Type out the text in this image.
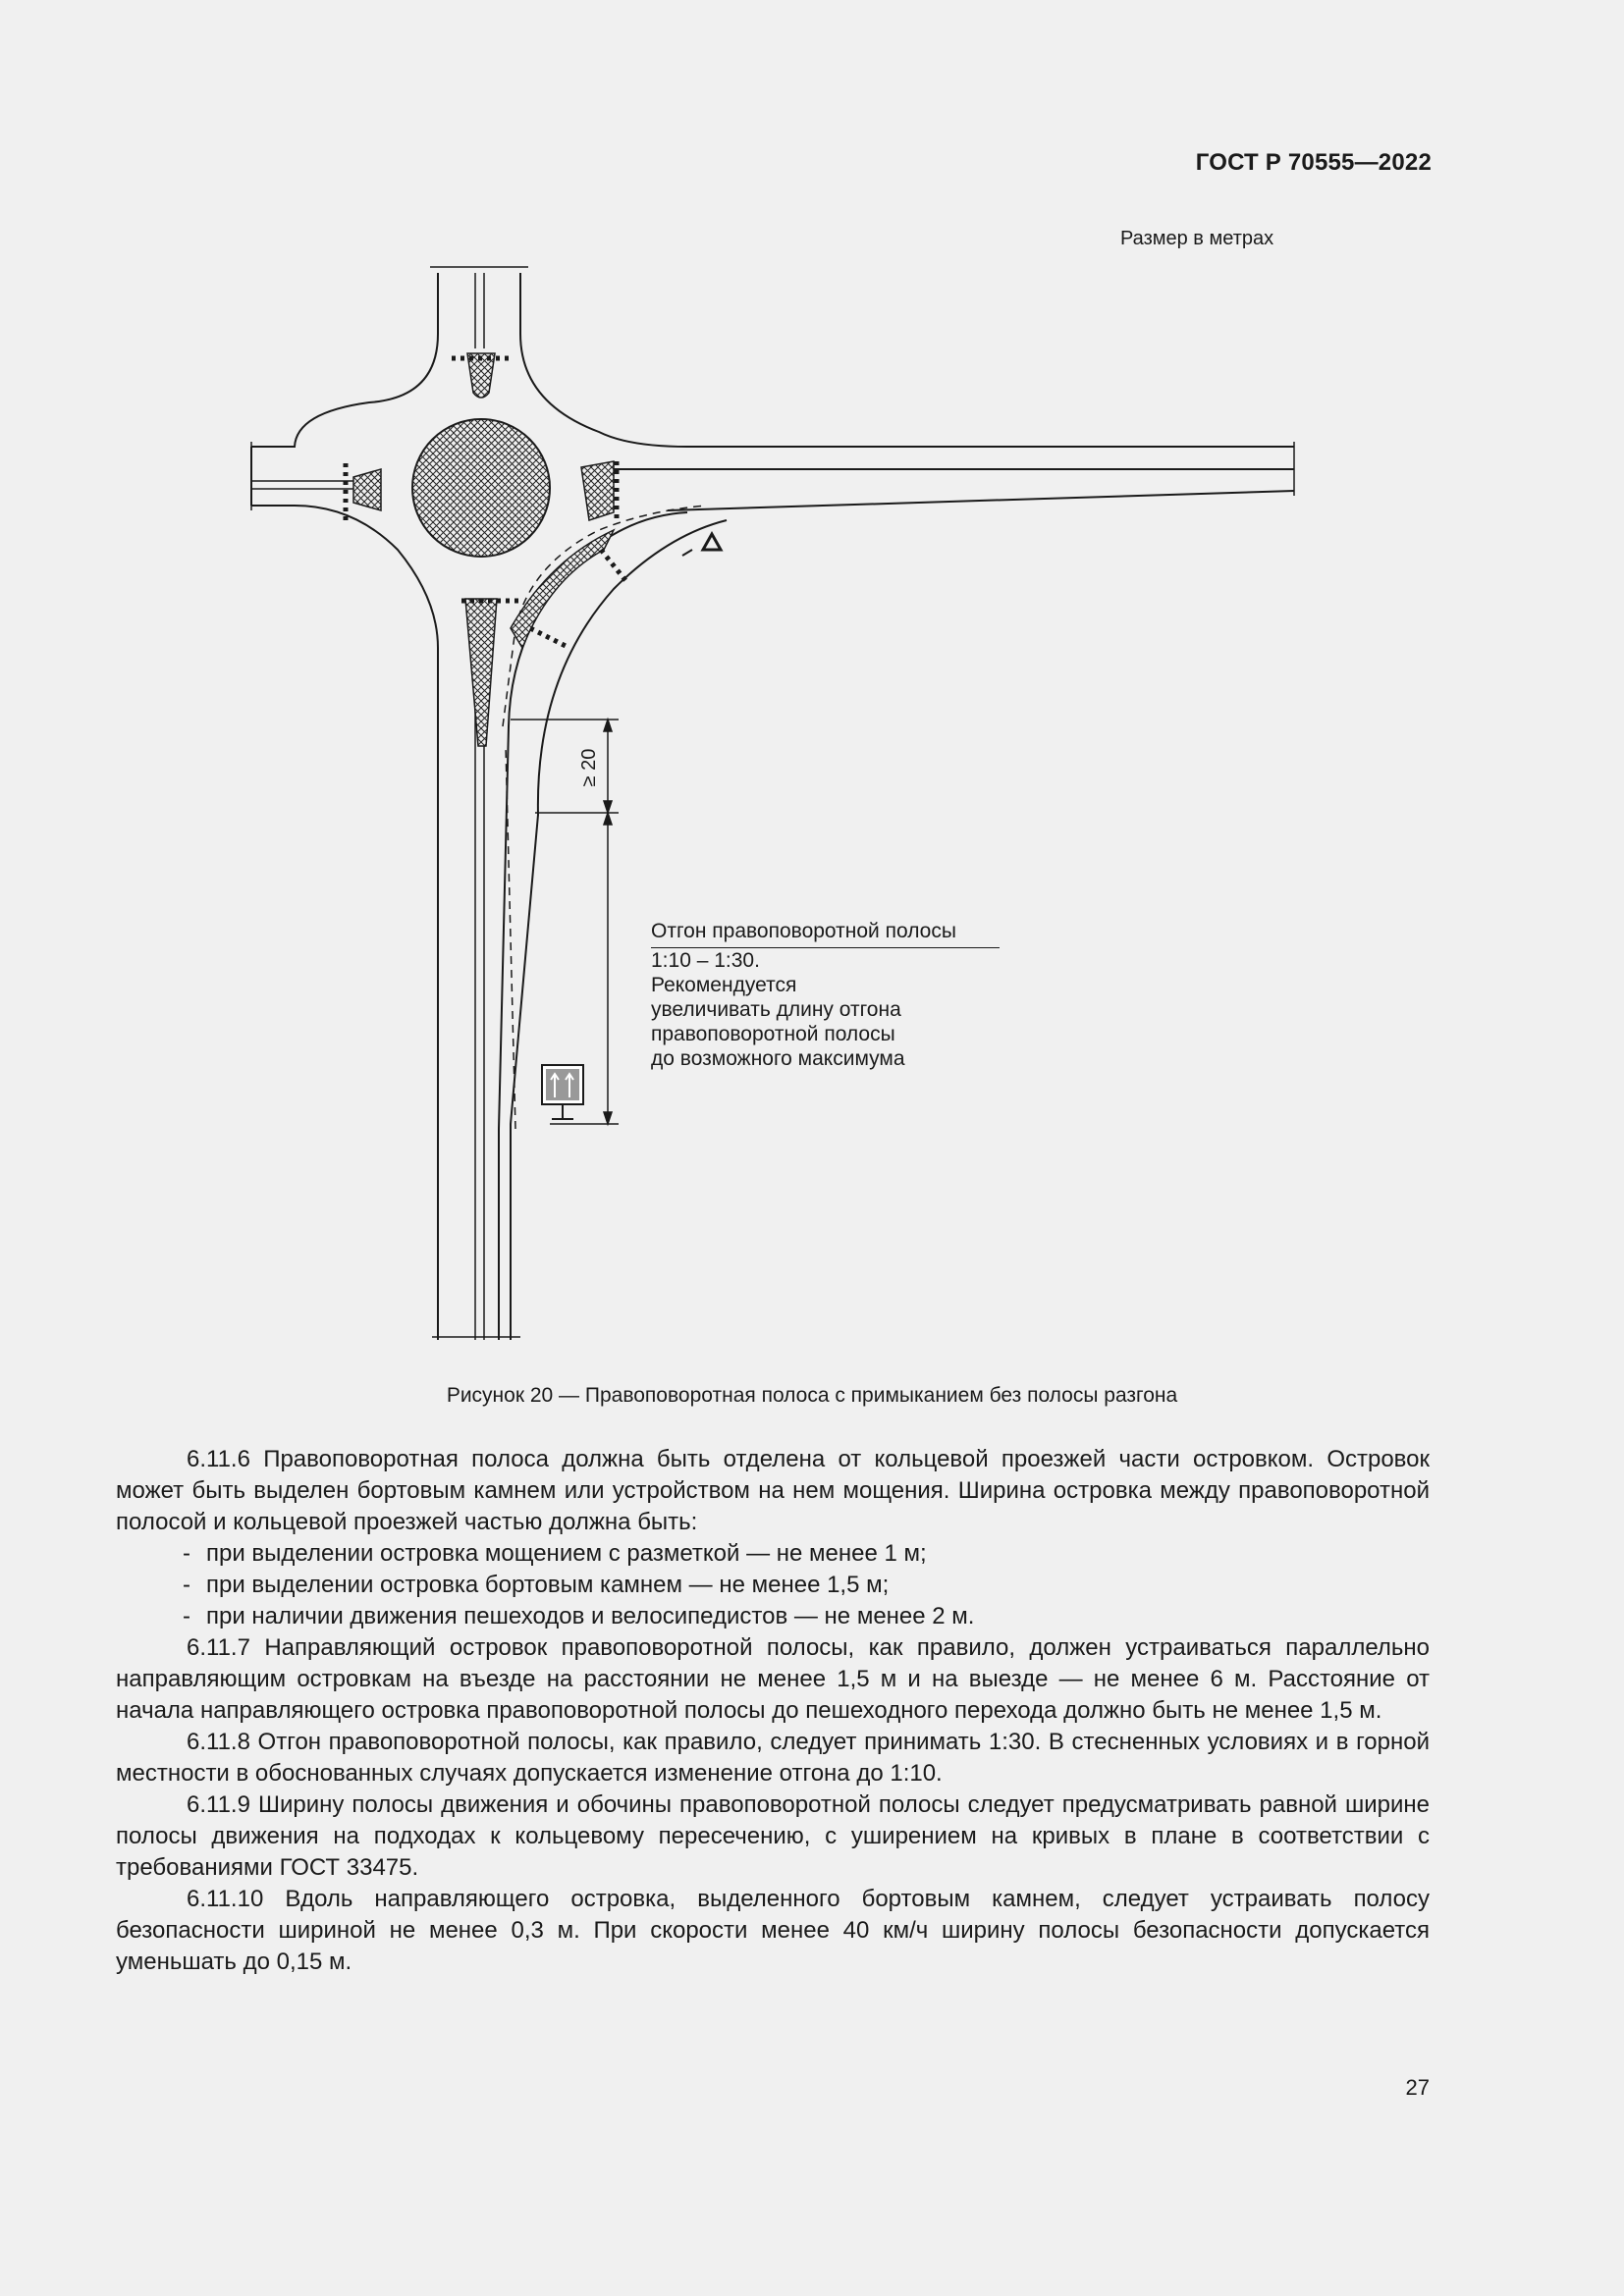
ГОСТ Р 70555—2022
Размер в метрах
≥ 20
Отгон правоповоротной полосы
1:10 – 1:30.
Рекомендуется
увеличивать длину отгона
правоповоротной полосы
до возможного максимума
Рисунок 20 — Правоповоротная полоса с примыканием без полосы разгона

6.11.6 Правоповоротная полоса должна быть отделена от кольцевой проезжей части островком. Островок может быть выделен бортовым камнем или устройством на нем мощения. Ширина островка между правоповоротной полосой и кольцевой проезжей частью должна быть:

- при выделении островка мощением с разметкой — не менее 1 м;

- при выделении островка бортовым камнем — не менее 1,5 м;

- при наличии движения пешеходов и велосипедистов — не менее 2 м.

6.11.7 Направляющий островок правоповоротной полосы, как правило, должен устраиваться параллельно направляющим островкам на въезде на расстоянии не менее 1,5 м и на выезде — не менее 6 м. Расстояние от начала направляющего островка правоповоротной полосы до пешеходного перехода должно быть не менее 1,5 м.

6.11.8 Отгон правоповоротной полосы, как правило, следует принимать 1:30. В стесненных условиях и в горной местности в обоснованных случаях допускается изменение отгона до 1:10.

6.11.9 Ширину полосы движения и обочины правоповоротной полосы следует предусматривать равной ширине полосы движения на подходах к кольцевому пересечению, с уширением на кривых в плане в соответствии с требованиями ГОСТ 33475.

6.11.10 Вдоль направляющего островка, выделенного бортовым камнем, следует устраивать полосу безопасности шириной не менее 0,3 м. При скорости менее 40 км/ч ширину полосы безопасности допускается уменьшать до 0,15 м.

27
